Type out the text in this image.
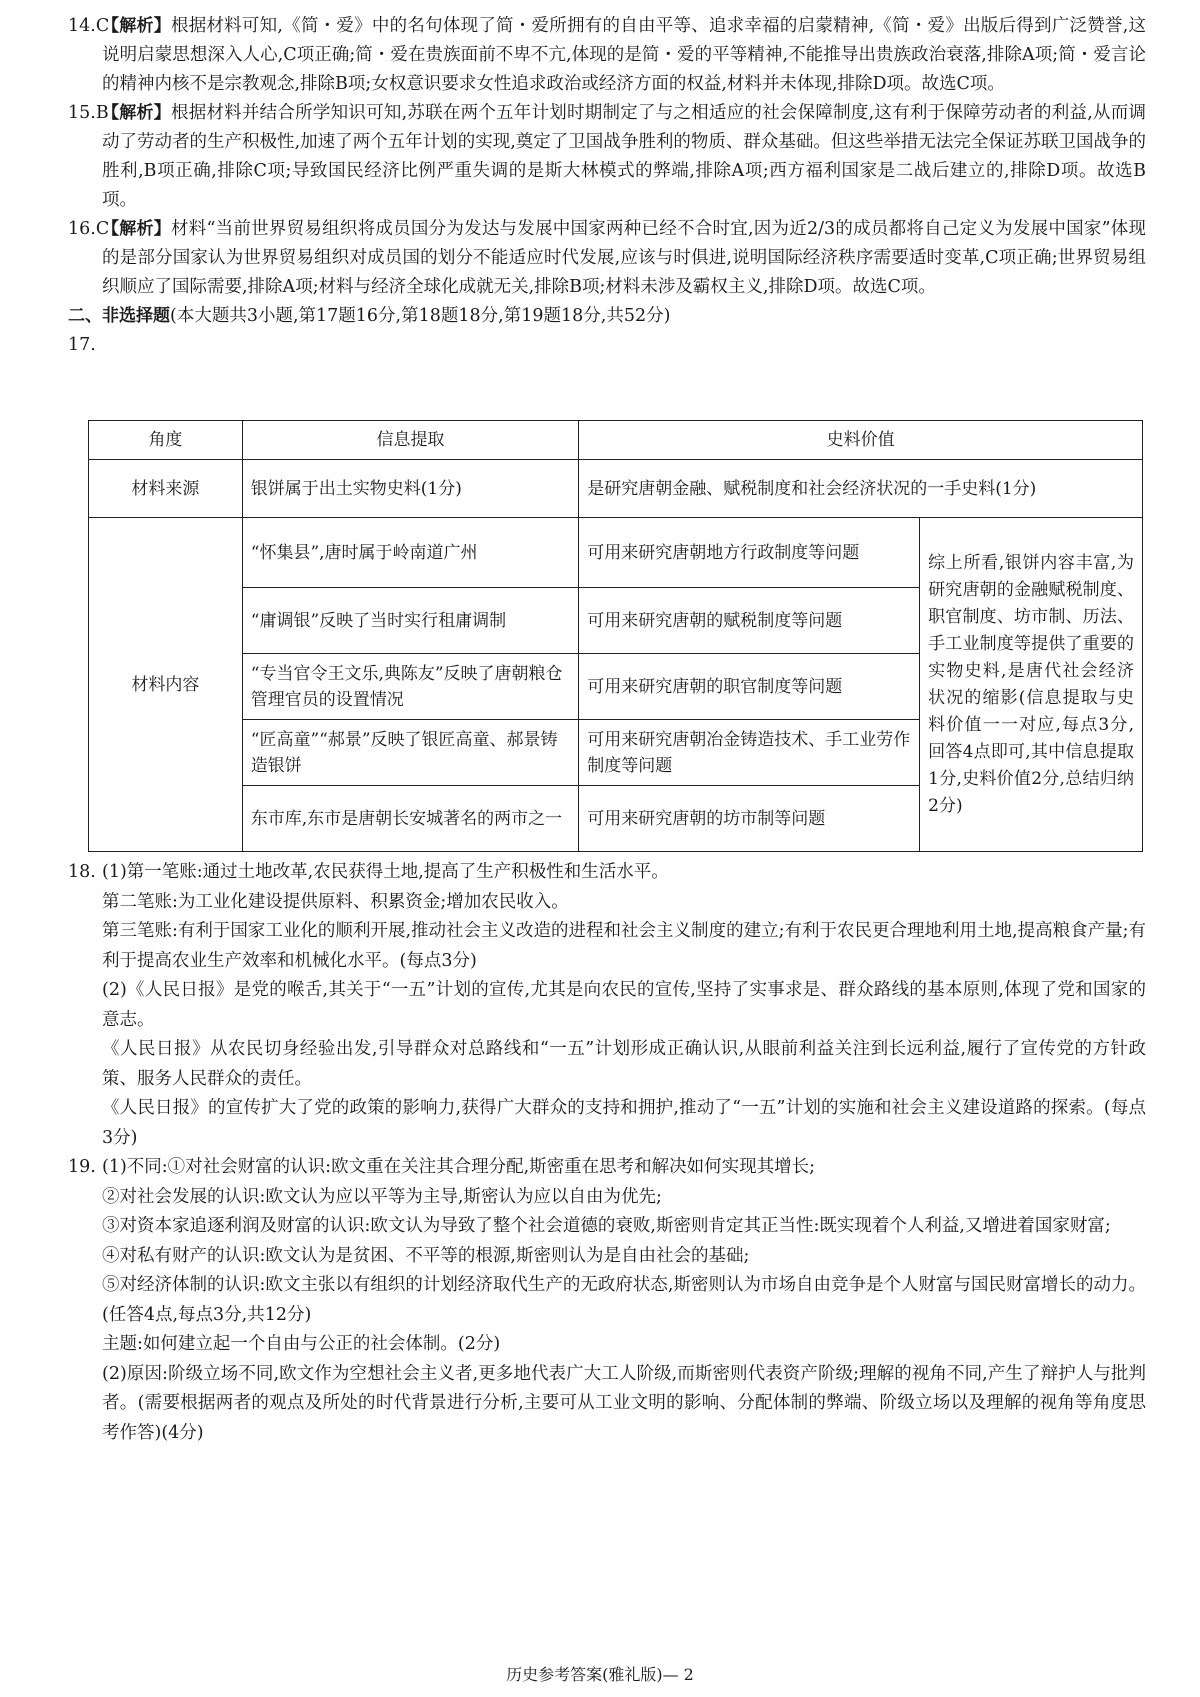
14.C
【解析】根据材料可知,《简・爱》中的名句体现了简・爱所拥有的自由平等、追求幸福的启蒙精神,《简・爱》出版后得到广泛赞誉,这说明启蒙思想深入人心,C项正确;简・爱在贵族面前不卑不亢,体现的是简・爱的平等精神,不能推导出贵族政治衰落,排除A项;简・爱言论的精神内核不是宗教观念,排除B项;女权意识要求女性追求政治或经济方面的权益,材料并未体现,排除D项。故选C项。

15.B
【解析】根据材料并结合所学知识可知,苏联在两个五年计划时期制定了与之相适应的社会保障制度,这有利于保障劳动者的利益,从而调动了劳动者的生产积极性,加速了两个五年计划的实现,奠定了卫国战争胜利的物质、群众基础。但这些举措无法完全保证苏联卫国战争的胜利,B项正确,排除C项;导致国民经济比例严重失调的是斯大林模式的弊端,排除A项;西方福利国家是二战后建立的,排除D项。故选B项。

16.C
【解析】材料“当前世界贸易组织将成员国分为发达与发展中国家两种已经不合时宜,因为近2/3的成员都将自己定义为发展中国家”体现的是部分国家认为世界贸易组织对成员国的划分不能适应时代发展,应该与时俱进,说明国际经济秩序需要适时变革,C项正确;世界贸易组织顺应了国际需要,排除A项;材料与经济全球化成就无关,排除B项;材料未涉及霸权主义,排除D项。故选C项。

二、非选择题(本大题共3小题,第17题16分,第18题18分,第19题18分,共52分)

17.

角度	信息提取	史料价值	
材料来源	银饼属于出土实物史料(1分)	是研究唐朝金融、赋税制度和社会经济状况的一手史料(1分)	
材料内容	“怀集县”,唐时属于岭南道广州	可用来研究唐朝地方行政制度等问题	综上所看,银饼内容丰富,为研究唐朝的金融赋税制度、职官制度、坊市制、历法、手工业制度等提供了重要的实物史料,是唐代社会经济状况的缩影(信息提取与史料价值一一对应,每点3分,回答4点即可,其中信息提取1分,史料价值2分,总结归纳2分)
	“庸调银”反映了当时实行租庸调制	可用来研究唐朝的赋税制度等问题	
	“专当官令王文乐,典陈友”反映了唐朝粮仓管理官员的设置情况	可用来研究唐朝的职官制度等问题	
	“匠高童”“郝景”反映了银匠高童、郝景铸造银饼	可用来研究唐朝冶金铸造技术、手工业劳作制度等问题	
	东市库,东市是唐朝长安城著名的两市之一	可用来研究唐朝的坊市制等问题	

18. (1)第一笔账:通过土地改革,农民获得土地,提高了生产积极性和生活水平。

第二笔账:为工业化建设提供原料、积累资金;增加农民收入。

第三笔账:有利于国家工业化的顺利开展,推动社会主义改造的进程和社会主义制度的建立;有利于农民更合理地利用土地,提高粮食产量;有利于提高农业生产效率和机械化水平。(每点3分)

(2)《人民日报》是党的喉舌,其关于“一五”计划的宣传,尤其是向农民的宣传,坚持了实事求是、群众路线的基本原则,体现了党和国家的意志。

《人民日报》从农民切身经验出发,引导群众对总路线和“一五”计划形成正确认识,从眼前利益关注到长远利益,履行了宣传党的方针政策、服务人民群众的责任。

《人民日报》的宣传扩大了党的政策的影响力,获得广大群众的支持和拥护,推动了“一五”计划的实施和社会主义建设道路的探索。(每点3分)

19. (1)不同:①对社会财富的认识:欧文重在关注其合理分配,斯密重在思考和解决如何实现其增长;

②对社会发展的认识:欧文认为应以平等为主导,斯密认为应以自由为优先;

③对资本家追逐利润及财富的认识:欧文认为导致了整个社会道德的衰败,斯密则肯定其正当性:既实现着个人利益,又增进着国家财富;

④对私有财产的认识:欧文认为是贫困、不平等的根源,斯密则认为是自由社会的基础;

⑤对经济体制的认识:欧文主张以有组织的计划经济取代生产的无政府状态,斯密则认为市场自由竞争是个人财富与国民财富增长的动力。(任答4点,每点3分,共12分)

主题:如何建立起一个自由与公正的社会体制。(2分)

(2)原因:阶级立场不同,欧文作为空想社会主义者,更多地代表广大工人阶级,而斯密则代表资产阶级;理解的视角不同,产生了辩护人与批判者。(需要根据两者的观点及所处的时代背景进行分析,主要可从工业文明的影响、分配体制的弊端、阶级立场以及理解的视角等角度思考作答)(4分)

历史参考答案(雅礼版)— 2
